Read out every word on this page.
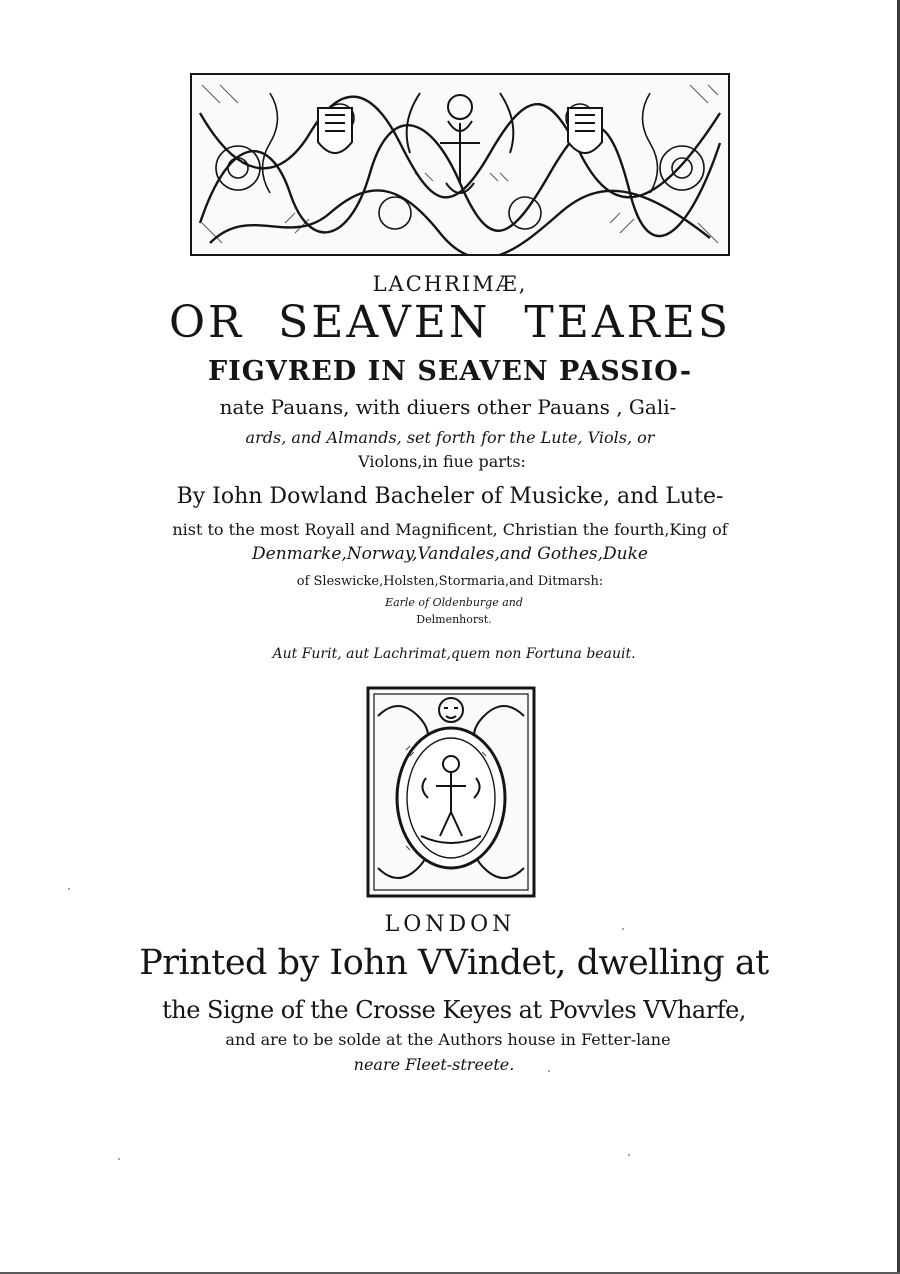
LACHRIMÆ,
OR  SEAVEN  TEARES
FIGVRED IN SEAVEN PASSIO-
nate Pauans, with diuers other Pauans , Gali-
ards, and Almands, set forth for the Lute, Viols, or
Violons,in fiue parts:
By Iohn Dowland Bacheler of Musicke, and Lute-
nist to the most Royall and Magnificent, Christian the fourth,King of
Denmarke,Norway,Vandales,and Gothes,Duke
of Sleswicke,Holsten,Stormaria,and Ditmarsh:
Earle of Oldenburge and
Delmenhorst.
Aut Furit, aut Lachrimat,quem non Fortuna beauit.
LONDON
Printed by Iohn VVindet, dwelling at
the Signe of the Crosse Keyes at Povvles VVharfe,
and are to be solde at the Authors house in Fetter-lane
neare Fleet-streete.
